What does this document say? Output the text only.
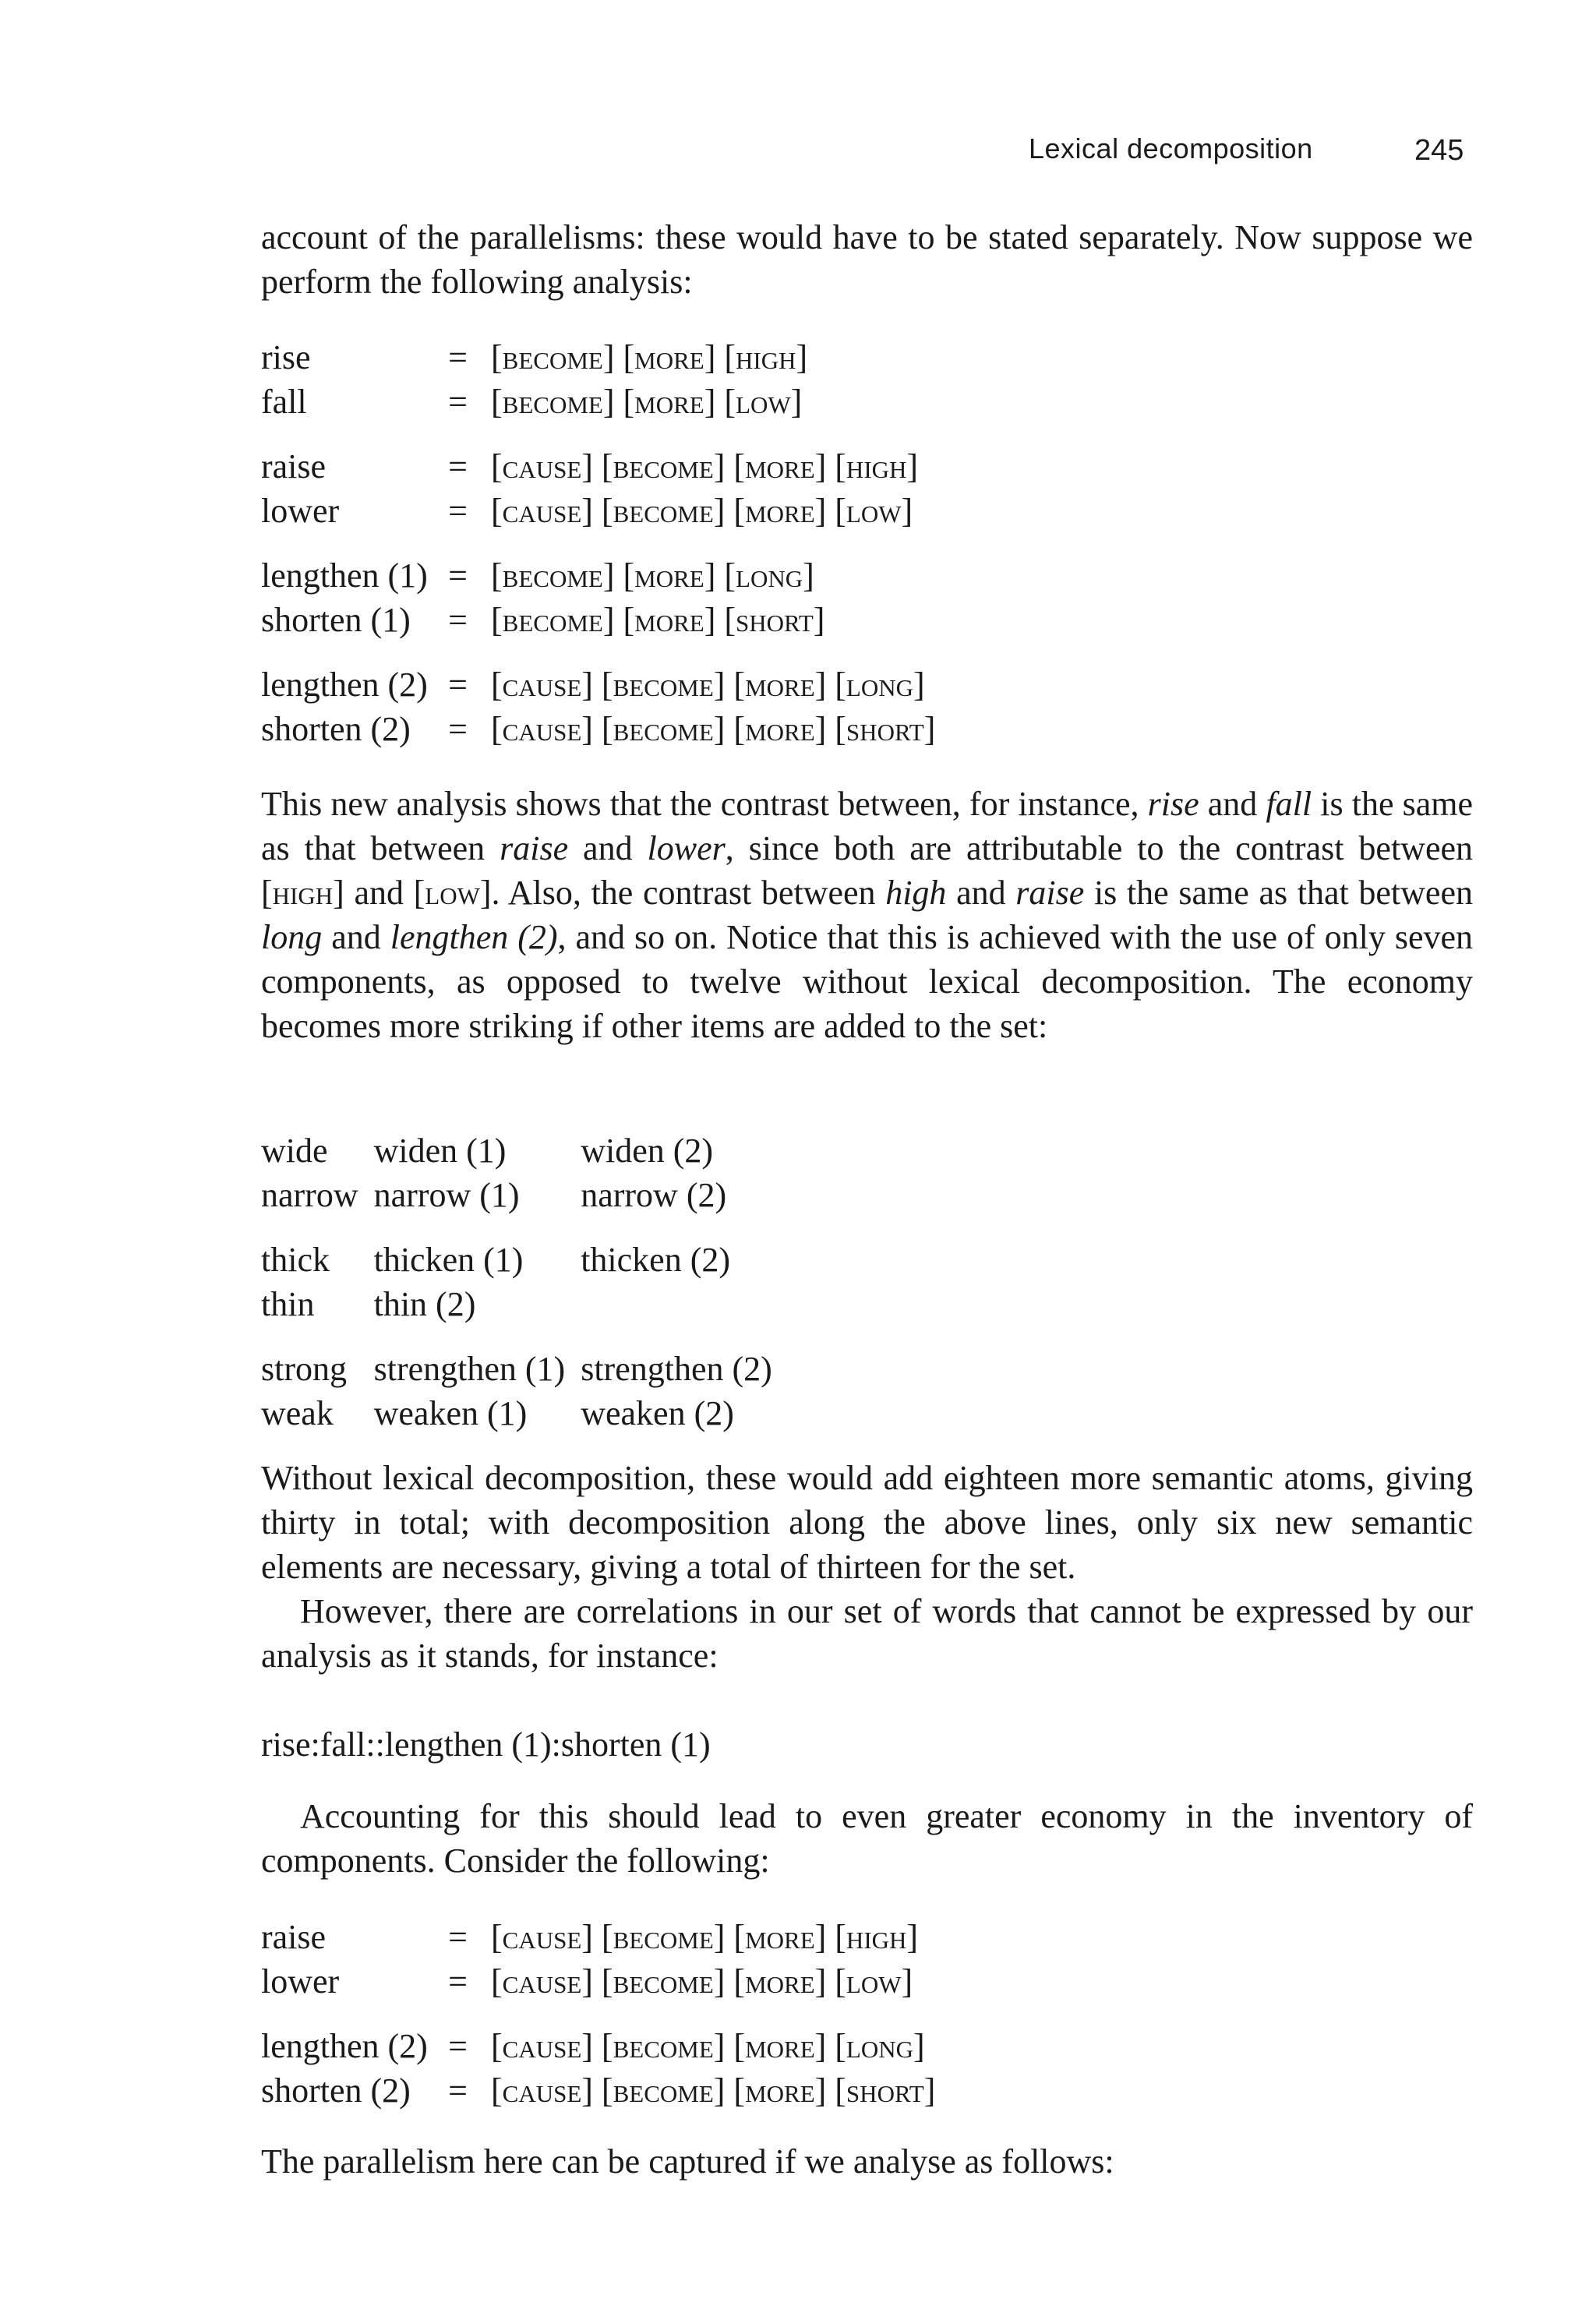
Lexical decomposition	245

account of the parallelisms: these would have to be stated separately. Now suppose we perform the following analysis:

rise	=	[become] [more] [high]
fall	=	[become] [more] [low]
raise	=	[cause] [become] [more] [high]
lower	=	[cause] [become] [more] [low]
lengthen (1)	=	[become] [more] [long]
shorten (1)	=	[become] [more] [short]
lengthen (2)	=	[cause] [become] [more] [long]
shorten (2)	=	[cause] [become] [more] [short]

This new analysis shows that the contrast between, for instance, rise and fall is the same as that between raise and lower, since both are attributable to the contrast between [high] and [low]. Also, the contrast between high and raise is the same as that between long and lengthen (2), and so on. Notice that this is achieved with the use of only seven components, as opposed to twelve without lexical decomposition. The economy becomes more striking if other items are added to the set:

wide	widen (1)	widen (2)
narrow	narrow (1)	narrow (2)
thick	thicken (1)	thicken (2)
thin	thin (2)	
strong	strengthen (1)	strengthen (2)
weak	weaken (1)	weaken (2)

Without lexical decomposition, these would add eighteen more semantic atoms, giving thirty in total; with decomposition along the above lines, only six new semantic elements are necessary, giving a total of thirteen for the set.

However, there are correlations in our set of words that cannot be expressed by our analysis as it stands, for instance:

rise:fall::lengthen (1):shorten (1)

Accounting for this should lead to even greater economy in the inventory of components. Consider the following:

raise	=	[cause] [become] [more] [high]
lower	=	[cause] [become] [more] [low]
lengthen (2)	=	[cause] [become] [more] [long]
shorten (2)	=	[cause] [become] [more] [short]

The parallelism here can be captured if we analyse as follows:
